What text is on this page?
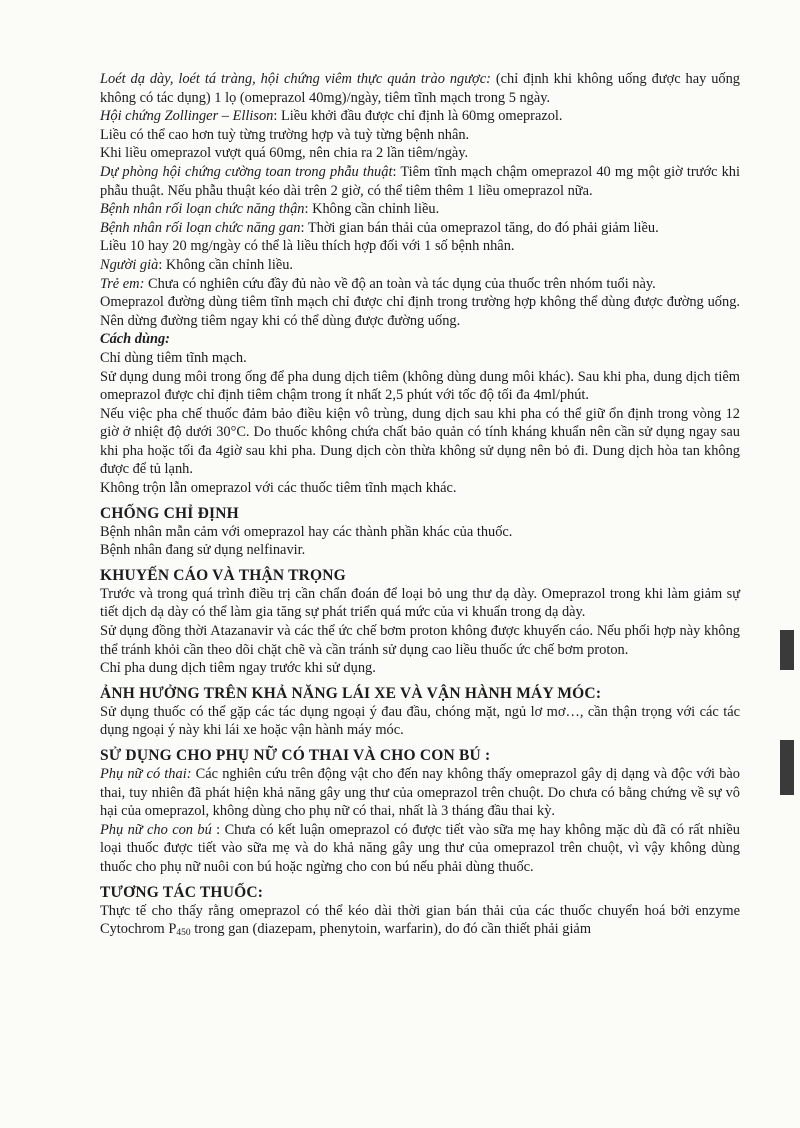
Loét dạ dày, loét tá tràng, hội chứng viêm thực quản trào ngược: (chỉ định khi không uống được hay uống không có tác dụng) 1 lọ (omeprazol 40mg)/ngày, tiêm tĩnh mạch trong 5 ngày.

Hội chứng Zollinger – Ellison: Liều khởi đầu được chỉ định là 60mg omeprazol.

Liều có thể cao hơn tuỳ từng trường hợp và tuỳ từng bệnh nhân.

Khi liều omeprazol vượt quá 60mg, nên chia ra 2 lần tiêm/ngày.

Dự phòng hội chứng cường toan trong phẫu thuật: Tiêm tĩnh mạch chậm omeprazol 40 mg một giờ trước khi phẫu thuật. Nếu phẫu thuật kéo dài trên 2 giờ, có thể tiêm thêm 1 liều omeprazol nữa.

Bệnh nhân rối loạn chức năng thận: Không cần chỉnh liều.

Bệnh nhân rối loạn chức năng gan: Thời gian bán thải của omeprazol tăng, do đó phải giảm liều.

Liều 10 hay 20 mg/ngày có thể là liều thích hợp đối với 1 số bệnh nhân.

Người già: Không cần chỉnh liều.

Trẻ em: Chưa có nghiên cứu đầy đủ nào về độ an toàn và tác dụng của thuốc trên nhóm tuổi này.

Omeprazol đường dùng tiêm tĩnh mạch chỉ được chỉ định trong trường hợp không thể dùng được đường uống. Nên dừng đường tiêm ngay khi có thể dùng được đường uống.

Cách dùng:

Chỉ dùng tiêm tĩnh mạch.

Sử dụng dung môi trong ống để pha dung dịch tiêm (không dùng dung môi khác). Sau khi pha, dung dịch tiêm omeprazol được chỉ định tiêm chậm trong ít nhất 2,5 phút với tốc độ tối đa 4ml/phút.

Nếu việc pha chế thuốc đảm bảo điều kiện vô trùng, dung dịch sau khi pha có thể giữ ổn định trong vòng 12 giờ ở nhiệt độ dưới 30°C. Do thuốc không chứa chất bảo quản có tính kháng khuẩn nên cần sử dụng ngay sau khi pha hoặc tối đa 4giờ sau khi pha. Dung dịch còn thừa không sử dụng nên bỏ đi. Dung dịch hòa tan không được để tủ lạnh.

Không trộn lẫn omeprazol với các thuốc tiêm tĩnh mạch khác.

CHỐNG CHỈ ĐỊNH

Bệnh nhân mẫn cảm với omeprazol hay các thành phần khác của thuốc.

Bệnh nhân đang sử dụng nelfinavir.

KHUYẾN CÁO VÀ THẬN TRỌNG

Trước và trong quá trình điều trị cần chẩn đoán để loại bỏ ung thư dạ dày. Omeprazol trong khi làm giảm sự tiết dịch dạ dày có thể làm gia tăng sự phát triển quá mức của vi khuẩn trong dạ dày.

Sử dụng đồng thời Atazanavir và các thể ức chế bơm proton không được khuyến cáo. Nếu phối hợp này không thể tránh khỏi cần theo dõi chặt chẽ và cần tránh sử dụng cao liều thuốc ức chế bơm proton.

Chỉ pha dung dịch tiêm ngay trước khi sử dụng.

ẢNH HƯỞNG TRÊN KHẢ NĂNG LÁI XE VÀ VẬN HÀNH MÁY MÓC:

Sử dụng thuốc có thể gặp các tác dụng ngoại ý đau đầu, chóng mặt, ngủ lơ mơ…, cần thận trọng với các tác dụng ngoại ý này khi lái xe hoặc vận hành máy móc.

SỬ DỤNG CHO PHỤ NỮ CÓ THAI VÀ CHO CON BÚ :

Phụ nữ có thai: Các nghiên cứu trên động vật cho đến nay không thấy omeprazol gây dị dạng và độc với bào thai, tuy nhiên đã phát hiện khả năng gây ung thư của omeprazol trên chuột. Do chưa có bằng chứng về sự vô hại của omeprazol, không dùng cho phụ nữ có thai, nhất là 3 tháng đầu thai kỳ.

Phụ nữ cho con bú : Chưa có kết luận omeprazol có được tiết vào sữa mẹ hay không mặc dù đã có rất nhiều loại thuốc được tiết vào sữa mẹ và do khả năng gây ung thư của omeprazol trên chuột, vì vậy không dùng thuốc cho phụ nữ nuôi con bú hoặc ngừng cho con bú nếu phải dùng thuốc.

TƯƠNG TÁC THUỐC:

Thực tế cho thấy rằng omeprazol có thể kéo dài thời gian bán thải của các thuốc chuyển hoá bởi enzyme Cytochrom P450 trong gan (diazepam, phenytoin, warfarin), do đó cần thiết phải giảm
